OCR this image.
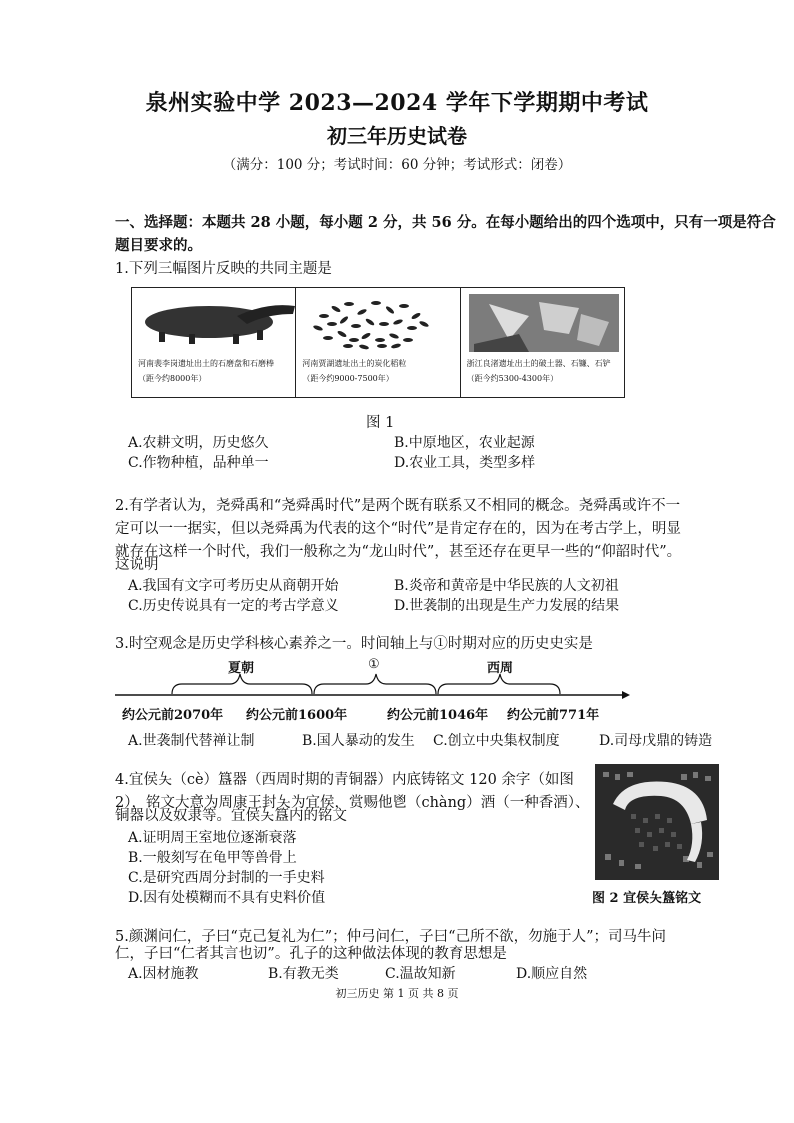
泉州实验中学 2023—2024 学年下学期期中考试
初三年历史试卷
（满分：100 分；考试时间：60 分钟；考试形式：闭卷）
一、选择题：本题共 28 小题，每小题 2 分，共 56 分。在每小题给出的四个选项中，只有一项是符合
题目要求的。
1.下列三幅图片反映的共同主题是
河南裴李岗遗址出土的石磨盘和石磨棒
（距今约8000年）
河南贾湖遗址出土的炭化稻粒
（距今约9000-7500年）
浙江良渚遗址出土的破土器、石镰、石铲
（距今约5300-4300年）
图 1
A.农耕文明，历史悠久	B.中原地区，农业起源
C.作物种植，品种单一	D.农业工具，类型多样
2.有学者认为，尧舜禹和“尧舜禹时代”是两个既有联系又不相同的概念。尧舜禹或许不一
定可以一一据实，但以尧舜禹为代表的这个“时代”是肯定存在的，因为在考古学上，明显
就存在这样一个时代，我们一般称之为“龙山时代”，甚至还存在更早一些的“仰韶时代”。
这说明
A.我国有文字可考历史从商朝开始	B.炎帝和黄帝是中华民族的人文初祖
C.历史传说具有一定的考古学意义	D.世袭制的出现是生产力发展的结果
3.时空观念是历史学科核心素养之一。时间轴上与①时期对应的历史史实是
夏朝	①	西周
约公元前2070年 约公元前1600年	约公元前1046年 约公元前771年
A.世袭制代替禅让制	B.国人暴动的发生 C.创立中央集权制度	D.司母戊鼎的铸造
4.宜侯夨（cè）簋器（西周时期的青铜器）内底铸铭文 120 余字（如图
2），铭文大意为周康王封夨为宜侯，赏赐他鬯（chàng）酒（一种香酒）、
铜器以及奴隶等。宜侯夨簋内的铭文
A.证明周王室地位逐渐衰落
B.一般刻写在龟甲等兽骨上
C.是研究西周分封制的一手史料
D.因有处模糊而不具有史料价值	图 2 宜侯夨簋铭文
5.颜渊问仁，子曰“克己复礼为仁”；仲弓问仁，子曰“己所不欲，勿施于人”；司马牛问
仁，子曰“仁者其言也讱”。孔子的这种做法体现的教育思想是
A.因材施教	B.有教无类	C.温故知新	D.顺应自然
初三历史 第 1 页 共 8 页
